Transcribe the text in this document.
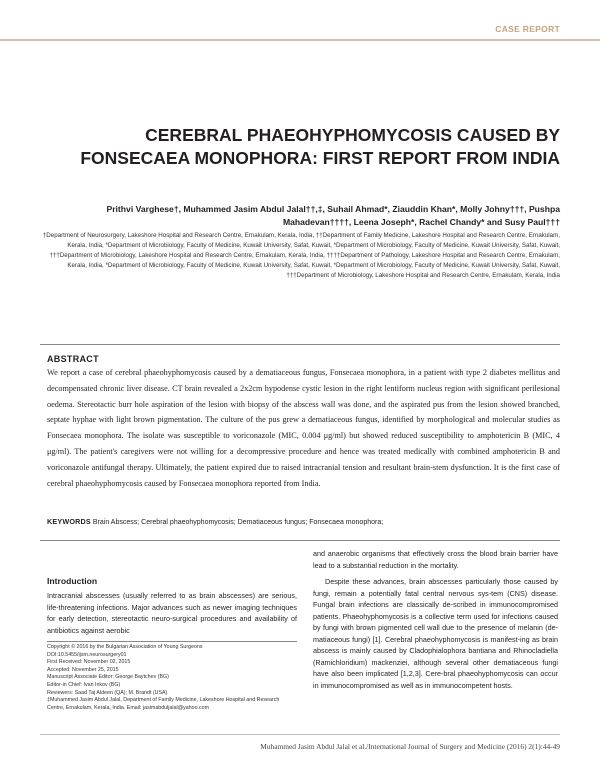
CASE REPORT
CEREBRAL PHAEOHYPHOMYCOSIS CAUSED BY FONSECAEA MONOPHORA: FIRST REPORT FROM INDIA
Prithvi Varghese†, Muhammed Jasim Abdul Jalal††,‡, Suhail Ahmad*, Ziauddin Khan*, Molly Johny†††, Pushpa Mahadevan††††, Leena Joseph*, Rachel Chandy* and Susy Paul†††
†Department of Neurosurgery, Lakeshore Hospital and Research Centre, Ernakulam, Kerala, India, ††Department of Family Medicine, Lakeshore Hospital and Research Centre, Ernakulam, Kerala, India, *Department of Microbiology, Faculty of Medicine, Kuwait University, Safat, Kuwait, *Department of Microbiology, Faculty of Medicine, Kuwait University, Safat, Kuwait, †††Department of Microbiology, Lakeshore Hospital and Research Centre, Ernakulam, Kerala, India, ††††Department of Pathology, Lakeshore Hospital and Research Centre, Ernakulam, Kerala, India, *Department of Microbiology, Faculty of Medicine, Kuwait University, Safat, Kuwait, *Department of Microbiology, Faculty of Medicine, Kuwait University, Safat, Kuwait, †††Department of Microbiology, Lakeshore Hospital and Research Centre, Ernakulam, Kerala, India
ABSTRACT
We report a case of cerebral phaeohyphomycosis caused by a dematiaceous fungus, Fonsecaea monophora, in a patient with type 2 diabetes mellitus and decompensated chronic liver disease. CT brain revealed a 2x2cm hypodense cystic lesion in the right lentiform nucleus region with significant perilesional oedema. Stereotactic burr hole aspiration of the lesion with biopsy of the abscess wall was done, and the aspirated pus from the lesion showed branched, septate hyphae with light brown pigmentation. The culture of the pus grew a dematiaceous fungus, identified by morphological and molecular studies as Fonsecaea monophora. The isolate was susceptible to voriconazole (MIC, 0.004 μg/ml) but showed reduced susceptibility to amphotericin B (MIC, 4 μg/ml). The patient's caregivers were not willing for a decompressive procedure and hence was treated medically with combined amphotericin B and voriconazole antifungal therapy. Ultimately, the patient expired due to raised intracranial tension and resultant brain-stem dysfunction. It is the first case of cerebral phaeohyphomycosis caused by Fonsecaea monophora reported from India.
KEYWORDS Brain Abscess; Cerebral phaeohyphomycosis; Dematiaceous fungus; Fonsecaea monophora;
Introduction
Intracranial abscesses (usually referred to as brain abscesses) are serious, life-threatening infections. Major advances such as newer imaging techniques for early detection, stereotactic neuro-surgical procedures and availability of antibiotics against aerobic
Copyright © 2016 by the Bulgarian Association of Young Surgeons
DOI:10.5455/ijsm.neurosurgery01
First Received: November 02, 2015
Accepted: November 25, 2015
Manuscript Associate Editor: George Baytchev (BG)
Editor-in Chief: Ivan Inkov (BG)
Reviewers: Saad Taj Aldeen (QA); M. Brandt (USA)
‡Muhammed Jasim Abdul Jalal, Department of Family Medicine, Lakeshore Hospital and Research Centre, Ernakulam, Kerala, India. Email: jasimabduljalal@yahoo.com

and anaerobic organisms that effectively cross the blood brain barrier have lead to a substantial reduction in the mortality.

Despite these advances, brain abscesses particularly those caused by fungi, remain a potentially fatal central nervous sys-tem (CNS) disease. Fungal brain infections are classically de-scribed in immunocompromised patients. Phaeohyphomycosis is a collective term used for infections caused by fungi with brown pigmented cell wall due to the presence of melanin (de-matiaceous fungi) [1]. Cerebral phaeohyphomycosis is manifest-ing as brain abscess is mainly caused by Cladophialophora bantiana and Rhinocladiella (Ramichloridium) mackenziei, although several other dematiaceous fungi have also been implicated [1,2,3]. Cere-bral phaeohyphomycosis can occur in immunocompromised as well as in immunocompetent hosts.

Muhammed Jasim Abdul Jalal et al./International Journal of Surgery and Medicine (2016) 2(1):44-49
